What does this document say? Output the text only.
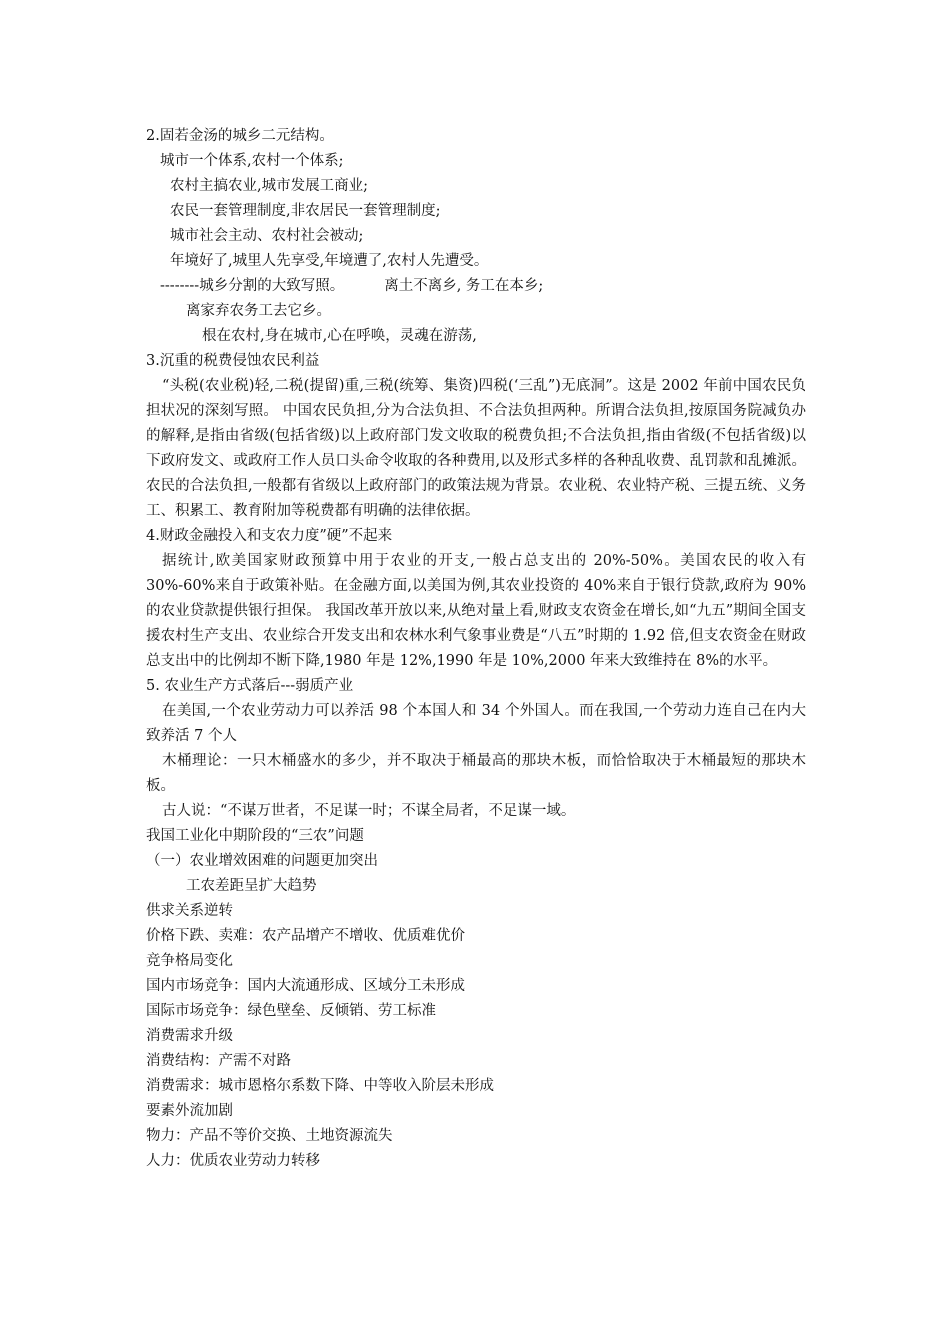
2.固若金汤的城乡二元结构。
城市一个体系,农村一个体系;
农村主搞农业,城市发展工商业;
农民一套管理制度,非农居民一套管理制度;
城市社会主动、农村社会被动;
年境好了,城里人先享受,年境遭了,农村人先遭受。
--------城乡分割的大致写照。	离土不离乡, 务工在本乡;
离家弃农务工去它乡。
根在农村,身在城市,心在呼唤，灵魂在游荡,
3.沉重的税费侵蚀农民利益
“头税(农业税)轻,二税(提留)重,三税(统筹、集资)四税(‘三乱”)无底洞”。这是 2002 年前中国农民负 担状况的深刻写照。 中国农民负担,分为合法负担、不合法负担两种。所谓合法负担,按原国务院减负办的解释,是指由省级(包括省级)以上政府部门发文收取的税费负担;不合法负担,指由省级(不包括省级)以下政府发文、或政府工作人员口头命令收取的各种费用,以及形式多样的各种乱收费、乱罚款和乱摊派。农民的合法负担,一般都有省级以上政府部门的政策法规为背景。农业税、农业特产税、三提五统、义务工、积累工、教育附加等税费都有明确的法律依据。
4.财政金融投入和支农力度”硬”不起来
据统计,欧美国家财政预算中用于农业的开支,一般占总支出的 20%-50%。美国农民的收入有 30%-60%来自于政策补贴。在金融方面,以美国为例,其农业投资的 40%来自于银行贷款,政府为 90%的农业贷款提供银行担保。 我国改革开放以来,从绝对量上看,财政支农资金在增长,如“九五”期间全国支援农村生产支出、农业综合开发支出和农林水利气象事业费是“八五”时期的 1.92 倍,但支农资金在财政总支出中的比例却不断下降,1980 年是 12%,1990 年是 10%,2000 年来大致维持在 8%的水平。
5. 农业生产方式落后---弱质产业
在美国,一个农业劳动力可以养活 98 个本国人和 34 个外国人。而在我国,一个劳动力连自己在内大致养活 7 个人
木桶理论：一只木桶盛水的多少，并不取决于桶最高的那块木板，而恰恰取决于木桶最短的那块木板。
古人说：“不谋万世者，不足谋一时；不谋全局者，不足谋一域。
我国工业化中期阶段的“三农”问题
（一）农业增效困难的问题更加突出
工农差距呈扩大趋势
供求关系逆转
价格下跌、卖难：农产品增产不增收、优质难优价
竞争格局变化
国内市场竞争：国内大流通形成、区域分工未形成
国际市场竞争：绿色壁垒、反倾销、劳工标准
消费需求升级
消费结构：产需不对路
消费需求：城市恩格尔系数下降、中等收入阶层未形成
要素外流加剧
物力：产品不等价交换、土地资源流失
人力：优质农业劳动力转移
